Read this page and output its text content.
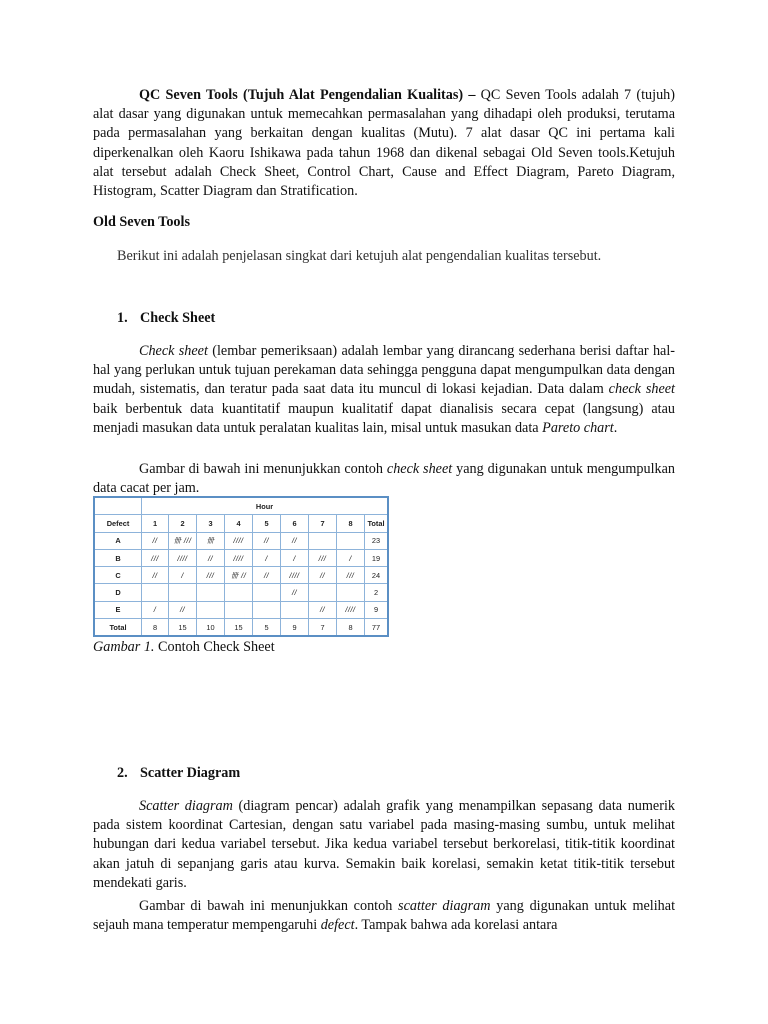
QC Seven Tools (Tujuh Alat Pengendalian Kualitas) – QC Seven Tools adalah 7 (tujuh) alat dasar yang digunakan untuk memecahkan permasalahan yang dihadapi oleh produksi, terutama pada permasalahan yang berkaitan dengan kualitas (Mutu). 7 alat dasar QC ini pertama kali diperkenalkan oleh Kaoru Ishikawa pada tahun 1968 dan dikenal sebagai Old Seven tools.Ketujuh alat tersebut adalah Check Sheet, Control Chart, Cause and Effect Diagram, Pareto Diagram, Histogram, Scatter Diagram dan Stratification.

Old Seven Tools
Berikut ini adalah penjelasan singkat dari ketujuh alat pengendalian kualitas tersebut.
1. Check Sheet

Check sheet (lembar pemeriksaan) adalah lembar yang dirancang sederhana berisi daftar hal-hal yang perlukan untuk tujuan perekaman data sehingga pengguna dapat mengumpulkan data dengan mudah, sistematis, dan teratur pada saat data itu muncul di lokasi kejadian. Data dalam check sheet baik berbentuk data kuantitatif maupun kualitatif dapat dianalisis secara cepat (langsung) atau menjadi masukan data untuk peralatan kualitas lain, misal untuk masukan data Pareto chart.

Gambar di bawah ini menunjukkan contoh check sheet yang digunakan untuk mengumpulkan data cacat per jam.

	Hour								
Defect	1	2	3	4	5	6	7	8	Total
A	//	卌 ///	卌	////	//	//			23
B	///	////	//	////	/	/	///	/	19
C	//	/	///	卌 //	//	////	//	///	24
D						//			2
E	/	//					//	////	9
Total	8	15	10	15	5	9	7	8	77
Gambar 1. Contoh Check Sheet
2. Scatter Diagram

Scatter diagram (diagram pencar) adalah grafik yang menampilkan sepasang data numerik pada sistem koordinat Cartesian, dengan satu variabel pada masing-masing sumbu, untuk melihat hubungan dari kedua variabel tersebut. Jika kedua variabel tersebut berkorelasi, titik-titik koordinat akan jatuh di sepanjang garis atau kurva. Semakin baik korelasi, semakin ketat titik-titik tersebut mendekati garis.

Gambar di bawah ini menunjukkan contoh scatter diagram yang digunakan untuk melihat sejauh mana temperatur mempengaruhi defect. Tampak bahwa ada korelasi antara
